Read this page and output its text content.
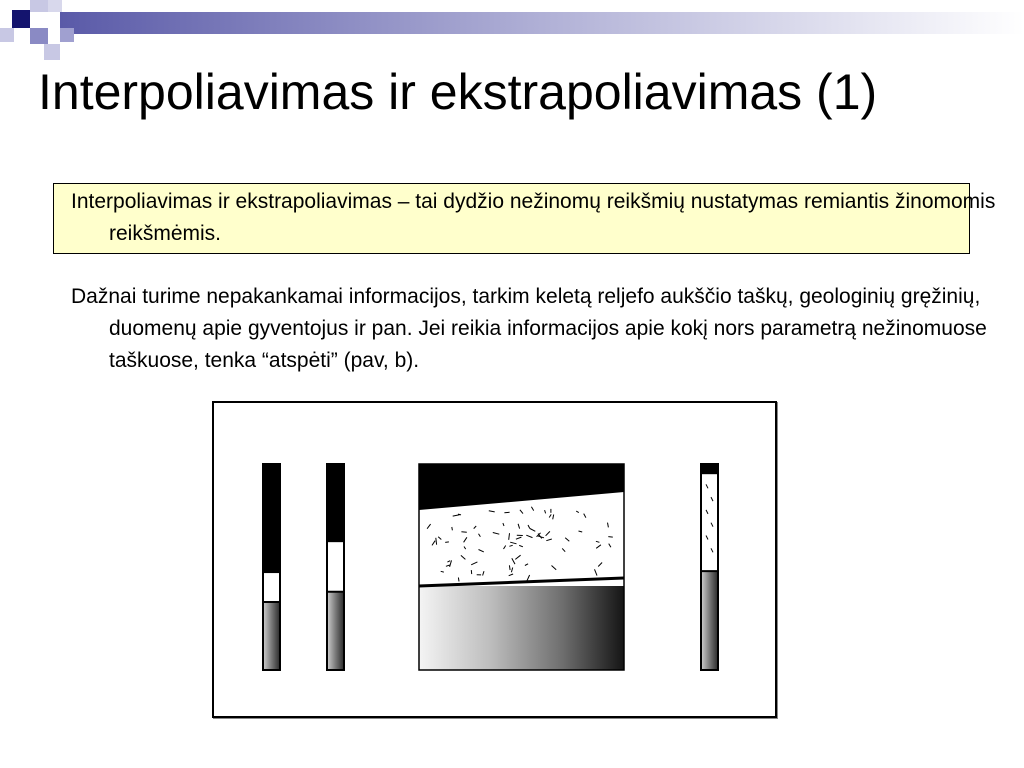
Interpoliavimas ir ekstrapoliavimas (1)

Interpoliavimas ir ekstrapoliavimas – tai dydžio nežinomų reikšmių nustatymas remiantis žinomomis reikšmėmis.

Dažnai turime nepakankamai informacijos, tarkim keletą reljefo aukščio taškų, geologinių gręžinių, duomenų apie gyventojus ir pan. Jei reikia informacijos apie kokį nors parametrą nežinomuose taškuose, tenka “atspėti” (pav, b).
